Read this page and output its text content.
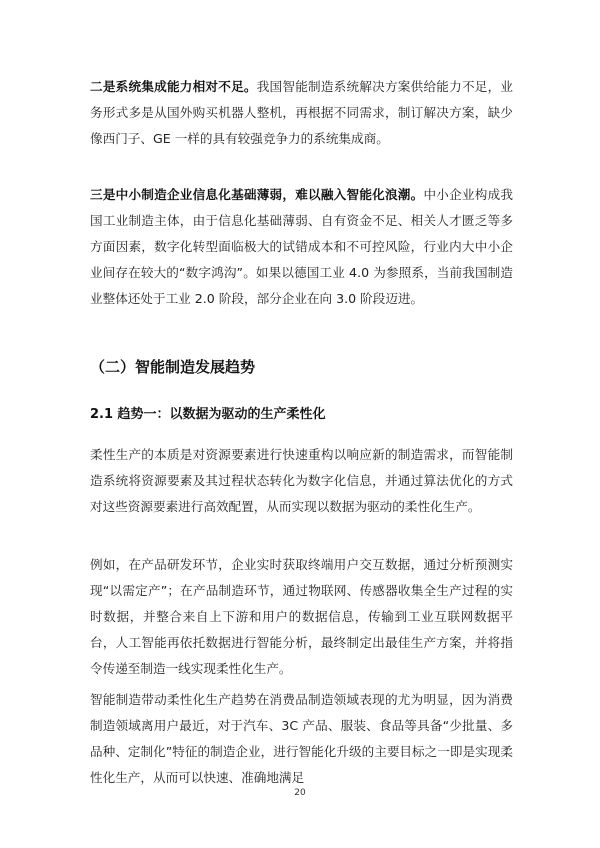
二是系统集成能力相对不足。我国智能制造系统解决方案供给能力不足，业务形式多是从国外购买机器人整机，再根据不同需求，制订解决方案，缺少像西门子、GE 一样的具有较强竞争力的系统集成商。

三是中小制造企业信息化基础薄弱，难以融入智能化浪潮。中小企业构成我国工业制造主体，由于信息化基础薄弱、自有资金不足、相关人才匮乏等多方面因素，数字化转型面临极大的试错成本和不可控风险，行业内大中小企业间存在较大的“数字鸿沟”。如果以德国工业 4.0 为参照系，当前我国制造业整体还处于工业 2.0 阶段，部分企业在向 3.0 阶段迈进。

（二）智能制造发展趋势
2.1 趋势一：以数据为驱动的生产柔性化

柔性生产的本质是对资源要素进行快速重构以响应新的制造需求，而智能制造系统将资源要素及其过程状态转化为数字化信息，并通过算法优化的方式对这些资源要素进行高效配置，从而实现以数据为驱动的柔性化生产。

例如，在产品研发环节，企业实时获取终端用户交互数据，通过分析预测实现“以需定产”；在产品制造环节，通过物联网、传感器收集全生产过程的实时数据，并整合来自上下游和用户的数据信息，传输到工业互联网数据平台，人工智能再依托数据进行智能分析，最终制定出最佳生产方案，并将指令传递至制造一线实现柔性化生产。

智能制造带动柔性化生产趋势在消费品制造领域表现的尤为明显，因为消费制造领域离用户最近，对于汽车、3C 产品、服装、食品等具备“少批量、多品种、定制化”特征的制造企业，进行智能化升级的主要目标之一即是实现柔性化生产，从而可以快速、准确地满足

20
